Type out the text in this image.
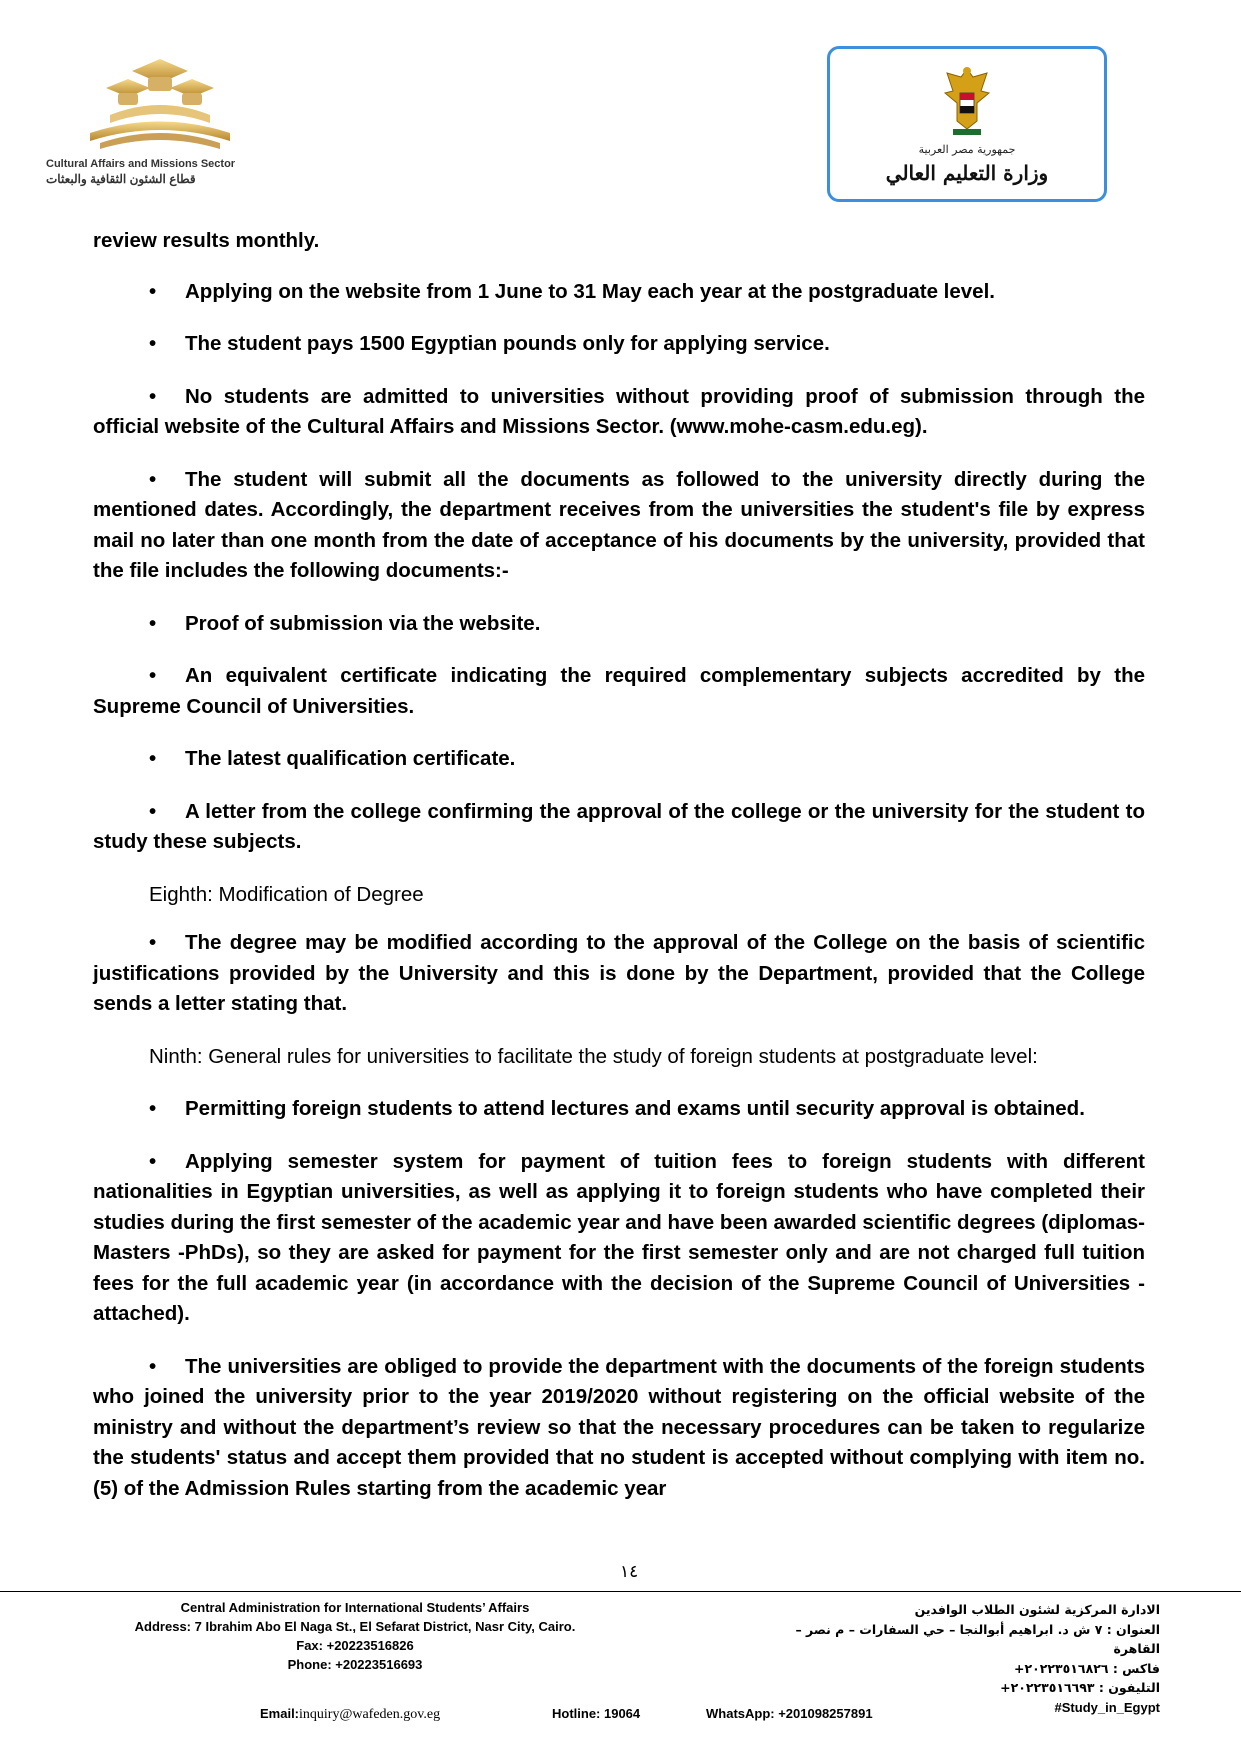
Cultural Affairs and Missions Sector
قطاع الشئون الثقافية والبعثات
جمهورية مصر العربية
وزارة التعليم العالي

review results monthly.

• Applying on the website from 1 June to 31 May each year at the postgraduate level.

• The student pays 1500 Egyptian pounds only for applying service.

• No students are admitted to universities without providing proof of submission through the official website of the Cultural Affairs and Missions Sector. (www.mohe-casm.edu.eg).

• The student will submit all the documents as followed to the university directly during the mentioned dates. Accordingly, the department receives from the universities the student's file by express mail no later than one month from the date of acceptance of his documents by the university, provided that the file includes the following documents:-

• Proof of submission via the website.

• An equivalent certificate indicating the required complementary subjects accredited by the Supreme Council of Universities.

• The latest qualification certificate.

• A letter from the college confirming the approval of the college or the university for the student to study these subjects.

Eighth: Modification of Degree

• The degree may be modified according to the approval of the College on the basis of scientific justifications provided by the University and this is done by the Department, provided that the College sends a letter stating that.

Ninth: General rules for universities to facilitate the study of foreign students at postgraduate level:

• Permitting foreign students to attend lectures and exams until security approval is obtained.

• Applying semester system for payment of tuition fees to foreign students with different nationalities in Egyptian universities, as well as applying it to foreign students who have completed their studies during the first semester of the academic year and have been awarded scientific degrees (diplomas- Masters -PhDs), so they are asked for payment for the first semester only and are not charged full tuition fees for the full academic year (in accordance with the decision of the Supreme Council of Universities - attached).

• The universities are obliged to provide the department with the documents of the foreign students who joined the university prior to the year 2019/2020 without registering on the official website of the ministry and without the department’s review so that the necessary procedures can be taken to regularize the students' status and accept them provided that no student is accepted without complying with item no. (5) of the Admission Rules starting from the academic year

١٤
Central Administration for International Students’ Affairs
Address: 7 Ibrahim Abo El Naga St., El Sefarat District, Nasr City, Cairo.
Fax: +20223516826
Phone: +20223516693
الادارة المركزية لشئون الطلاب الوافدين
العنوان : ٧ ش د. ابراهيم أبوالنجا – حي السفارات – م نصر – القاهرة
فاكس : ٢٠٢٢٣٥١٦٨٢٦+
التليفون : ٢٠٢٢٣٥١٦٦٩٣+
#Study_in_Egypt
Email:inquiry@wafeden.gov.eg	Hotline: 19064	WhatsApp: +201098257891
